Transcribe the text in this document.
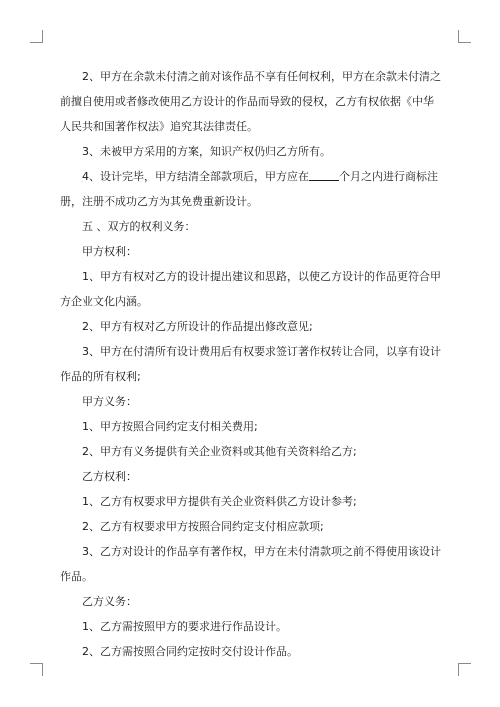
2、甲方在余款未付清之前对该作品不享有任何权利，甲方在余款未付清之前擅自使用或者修改使用乙方设计的作品而导致的侵权，乙方有权依据《中华人民共和国著作权法》追究其法律责任。

3、未被甲方采用的方案，知识产权仍归乙方所有。

4、设计完毕，甲方结清全部款项后，甲方应在	个月之内进行商标注册，注册不成功乙方为其免费重新设计。

五 、双方的权利义务：

甲方权利：

1、甲方有权对乙方的设计提出建议和思路，以使乙方设计的作品更符合甲方企业文化内涵。

2、甲方有权对乙方所设计的作品提出修改意见;

3、甲方在付清所有设计费用后有权要求签订著作权转让合同，以享有设计作品的所有权利;

甲方义务：

1、甲方按照合同约定支付相关费用;

2、甲方有义务提供有关企业资料或其他有关资料给乙方;

乙方权利：

1、乙方有权要求甲方提供有关企业资料供乙方设计参考;

2、乙方有权要求甲方按照合同约定支付相应款项;

3、乙方对设计的作品享有著作权，甲方在未付清款项之前不得使用该设计作品。

乙方义务：

1、乙方需按照甲方的要求进行作品设计。

2、乙方需按照合同约定按时交付设计作品。
